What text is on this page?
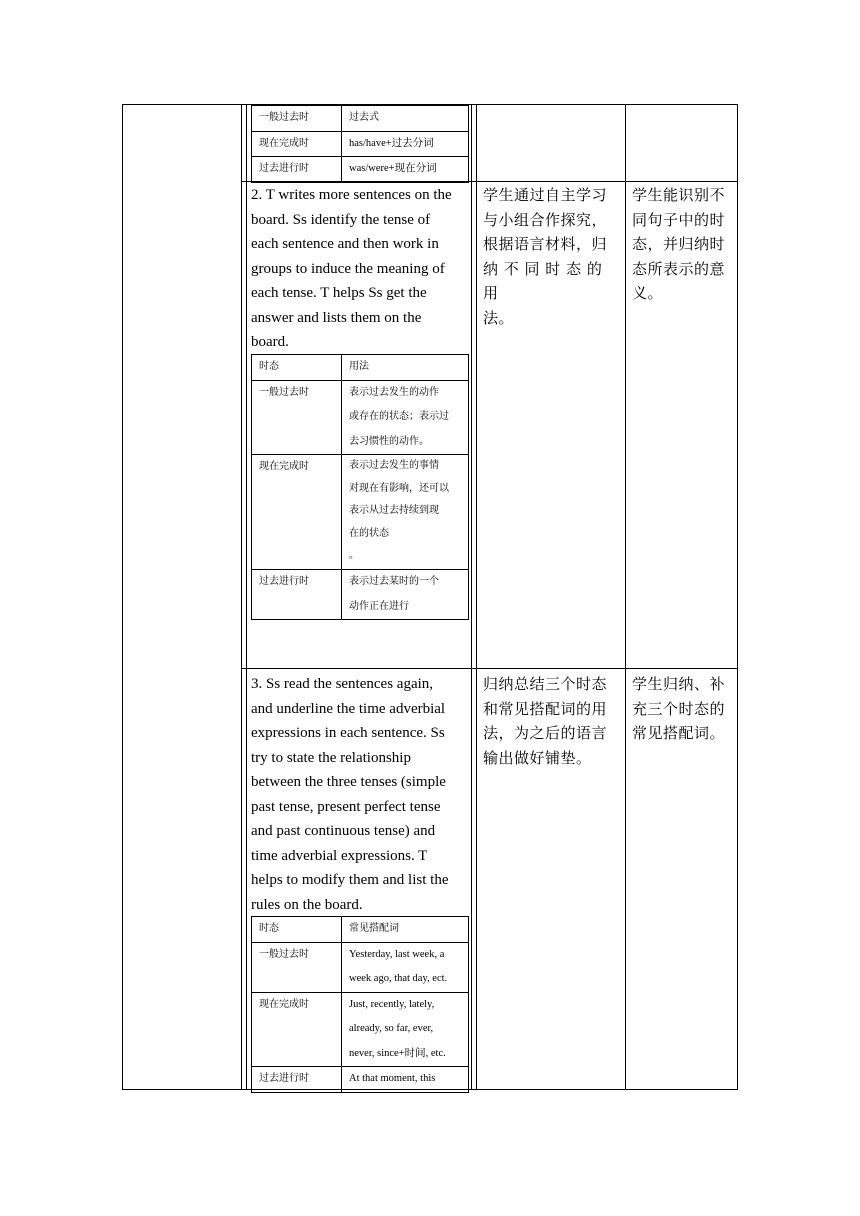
一般过去时	过去式
现在完成时	has/have+过去分词
过去进行时	was/were+现在分词
2. T writes more sentences on the
board. Ss identify the tense of
each sentence and then work in
groups to induce the meaning of
each tense. T helps Ss get the
answer and lists them on the
board.
时态	用法
一般过去时	表示过去发生的动作
或存在的状态；表示过
去习惯性的动作。

现在完成时	表示过去发生的事情
对现在有影响，还可以
表示从过去持续到现
在的状态
。

过去进行时	表示过去某时的一个
动作正在进行
学生通过自主学习
与小组合作探究，
根据语言材料，归
纳 不 同 时 态 的 用
法。
学生能识别不
同句子中的时
态，并归纳时
态所表示的意
义。
3. Ss read the sentences again,
and underline the time adverbial
expressions in each sentence. Ss
try to state the relationship
between the three tenses (simple
past tense, present perfect tense
and past continuous tense) and
time adverbial expressions. T
helps to modify them and list the
rules on the board.
时态	常见搭配词
一般过去时	Yesterday, last week, a
week ago, that day, ect.

现在完成时	Just, recently, lately,
already, so far, ever,
never, since+时间, etc.

过去进行时	At that moment, this
归纳总结三个时态
和常见搭配词的用
法，为之后的语言
输出做好铺垫。
学生归纳、补
充三个时态的
常见搭配词。
